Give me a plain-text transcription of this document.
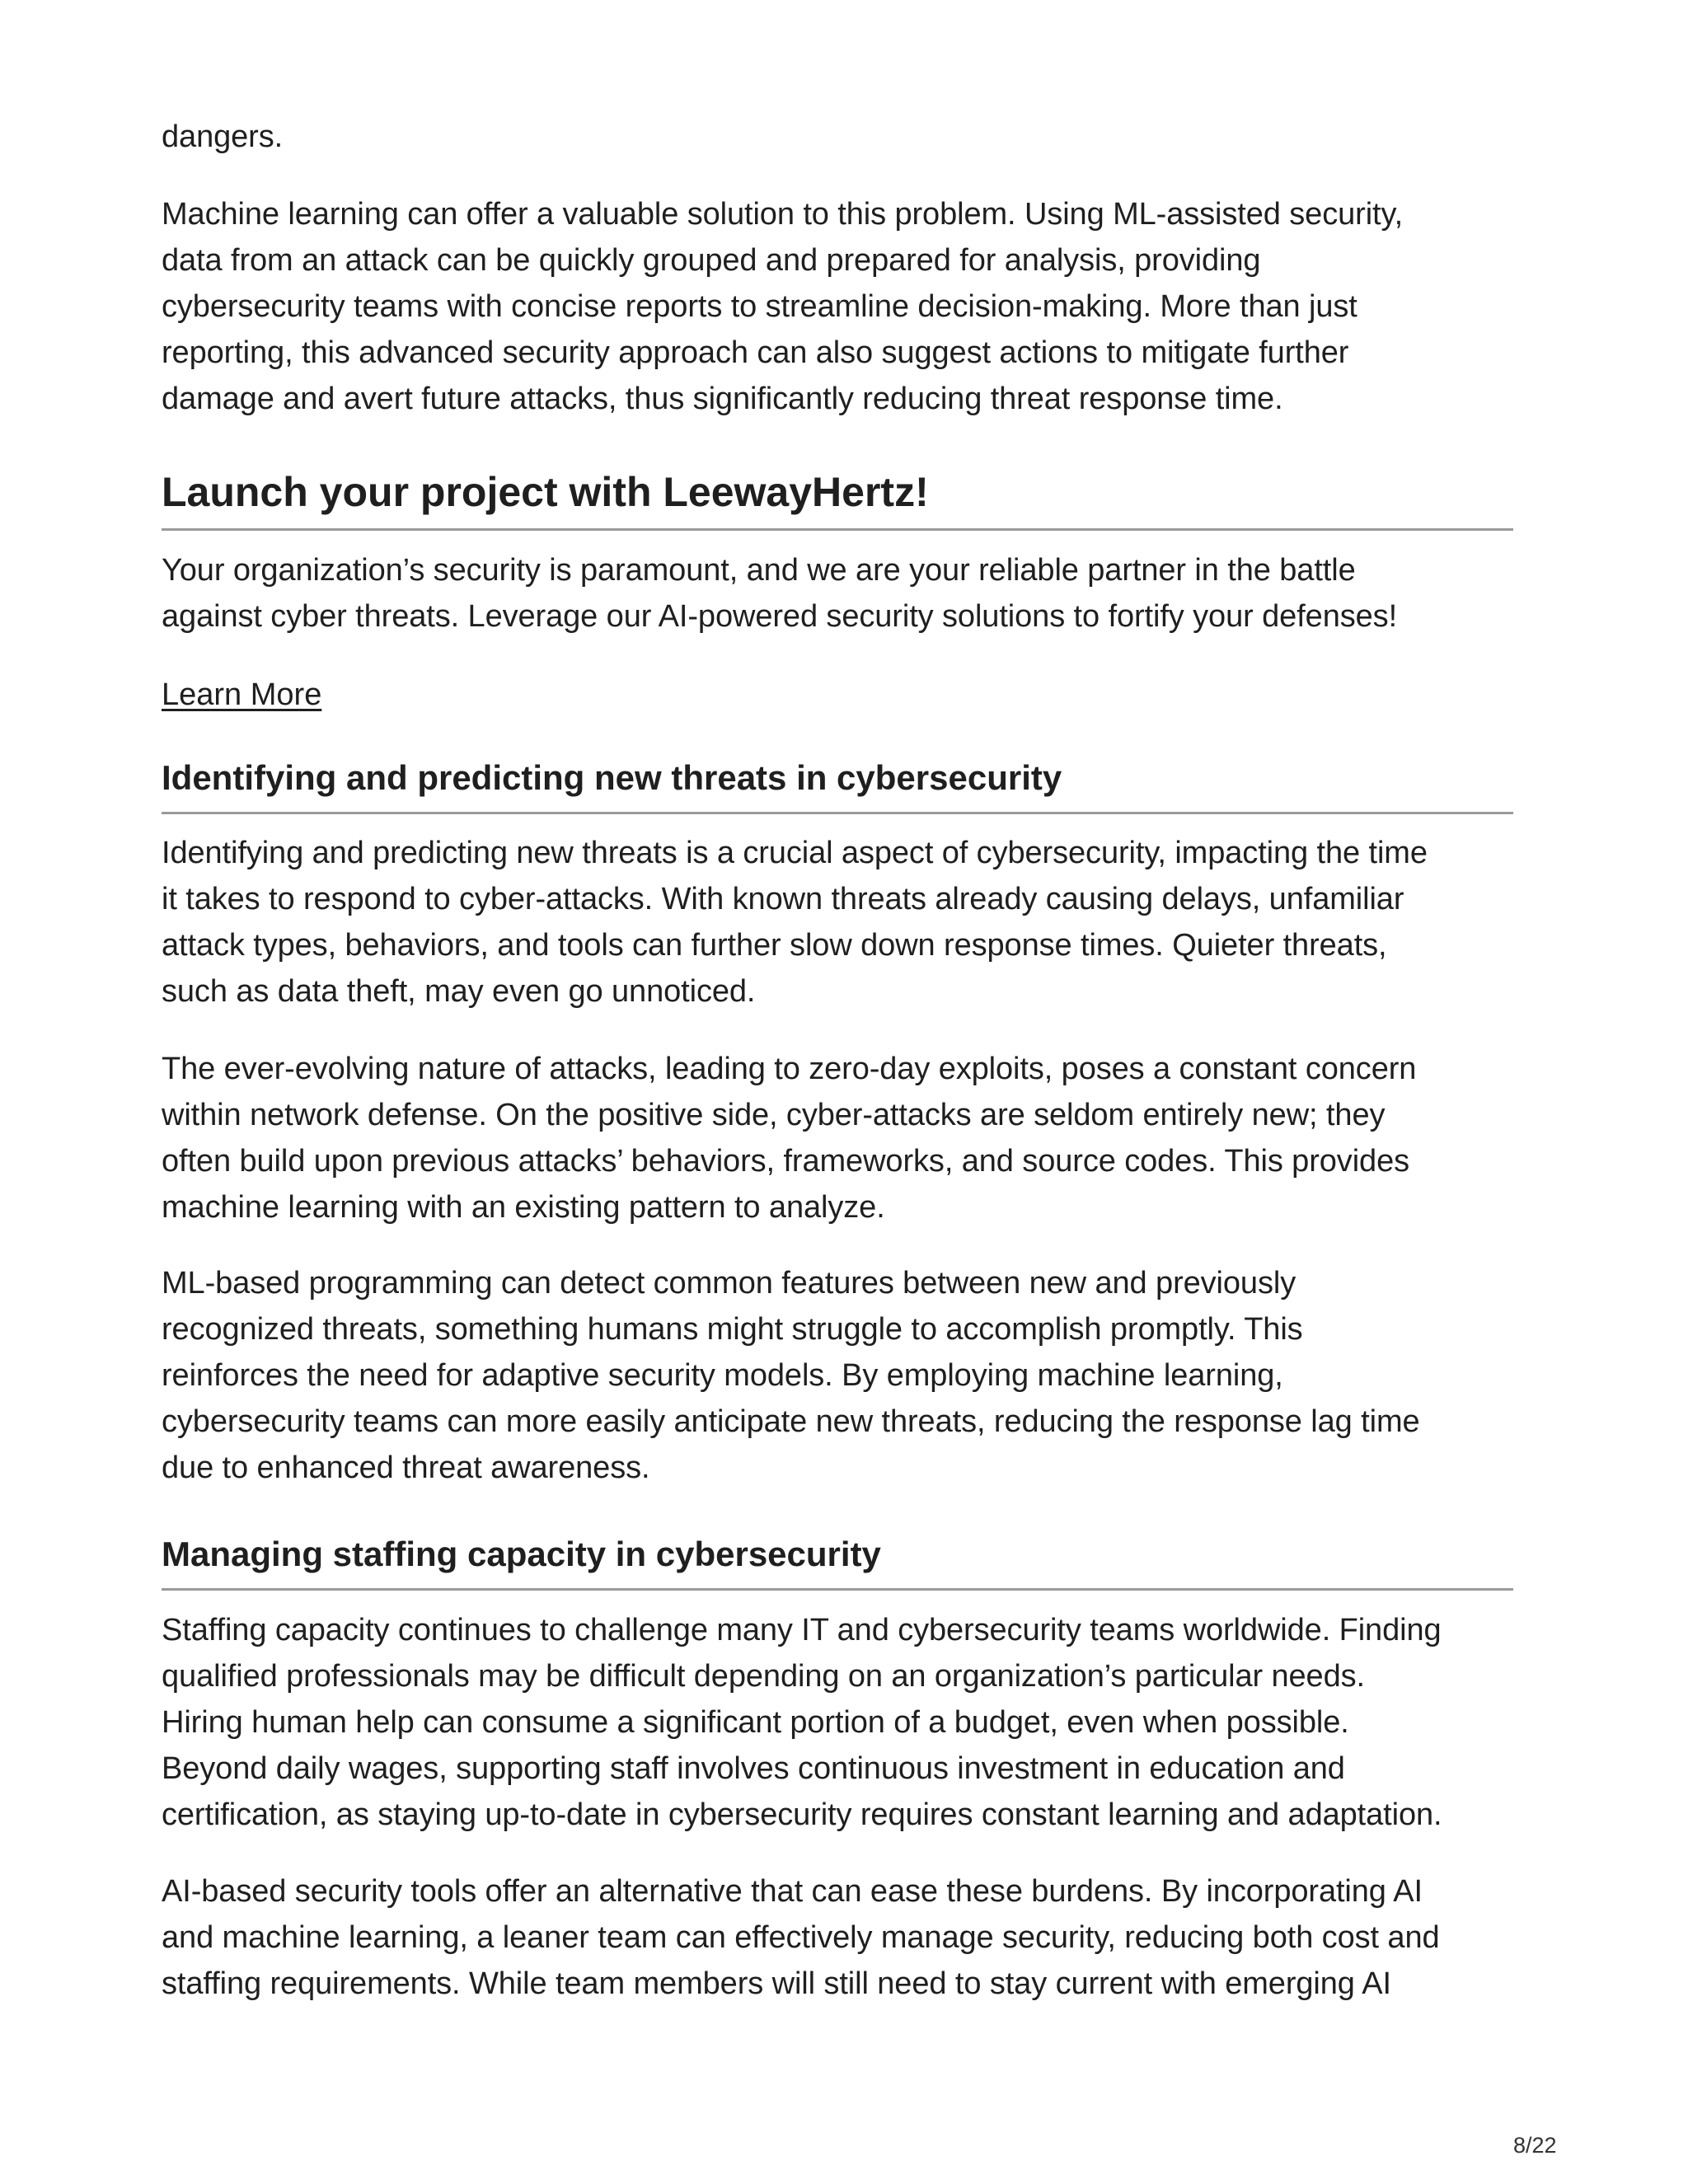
dangers.
Machine learning can offer a valuable solution to this problem. Using ML-assisted security,
data from an attack can be quickly grouped and prepared for analysis, providing
cybersecurity teams with concise reports to streamline decision-making. More than just
reporting, this advanced security approach can also suggest actions to mitigate further
damage and avert future attacks, thus significantly reducing threat response time.
Launch your project with LeewayHertz!
Your organization’s security is paramount, and we are your reliable partner in the battle
against cyber threats. Leverage our AI-powered security solutions to fortify your defenses!
Learn More
Identifying and predicting new threats in cybersecurity
Identifying and predicting new threats is a crucial aspect of cybersecurity, impacting the time
it takes to respond to cyber-attacks. With known threats already causing delays, unfamiliar
attack types, behaviors, and tools can further slow down response times. Quieter threats,
such as data theft, may even go unnoticed.
The ever-evolving nature of attacks, leading to zero-day exploits, poses a constant concern
within network defense. On the positive side, cyber-attacks are seldom entirely new; they
often build upon previous attacks’ behaviors, frameworks, and source codes. This provides
machine learning with an existing pattern to analyze.
ML-based programming can detect common features between new and previously
recognized threats, something humans might struggle to accomplish promptly. This
reinforces the need for adaptive security models. By employing machine learning,
cybersecurity teams can more easily anticipate new threats, reducing the response lag time
due to enhanced threat awareness.
Managing staffing capacity in cybersecurity
Staffing capacity continues to challenge many IT and cybersecurity teams worldwide. Finding
qualified professionals may be difficult depending on an organization’s particular needs.
Hiring human help can consume a significant portion of a budget, even when possible.
Beyond daily wages, supporting staff involves continuous investment in education and
certification, as staying up-to-date in cybersecurity requires constant learning and adaptation.
AI-based security tools offer an alternative that can ease these burdens. By incorporating AI
and machine learning, a leaner team can effectively manage security, reducing both cost and
staffing requirements. While team members will still need to stay current with emerging AI
8/22
